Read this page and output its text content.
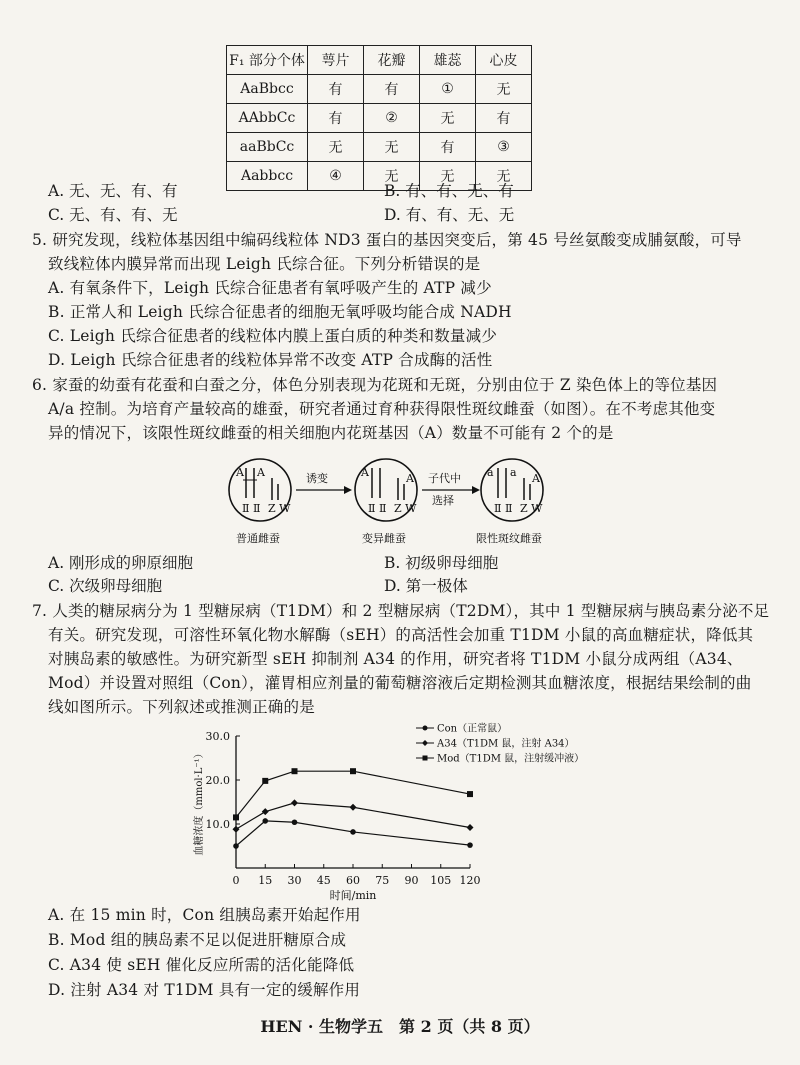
F₁ 部分个体	萼片	花瓣	雄蕊	心皮
AaBbcc	有	有	①	无
AAbbCc	有	②	无	有
aaBbCc	无	无	有	③
Aabbcc	④	无	无	无
A. 无、无、有、有	B. 有、有、无、有
C. 无、有、有、无	D. 有、有、无、无
5. 研究发现，线粒体基因组中编码线粒体 ND3 蛋白的基因突变后，第 45 号丝氨酸变成脯氨酸，可导
致线粒体内膜异常而出现 Leigh 氏综合征。下列分析错误的是
A. 有氧条件下，Leigh 氏综合征患者有氧呼吸产生的 ATP 减少
B. 正常人和 Leigh 氏综合征患者的细胞无氧呼吸均能合成 NADH
C. Leigh 氏综合征患者的线粒体内膜上蛋白质的种类和数量减少
D. Leigh 氏综合征患者的线粒体异常不改变 ATP 合成酶的活性
6. 家蚕的幼蚕有花蚕和白蚕之分，体色分别表现为花斑和无斑，分别由位于 Z 染色体上的等位基因
A/a 控制。为培育产量较高的雄蚕，研究者通过育种获得限性斑纹雌蚕（如图）。在不考虑其他变
异的情况下，该限性斑纹雌蚕的相关细胞内花斑基因（A）数量不可能有 2 个的是
A A
Ⅱ Ⅱ Z W
诱变	A
Ⅱ Ⅱ Z W
A 子代中
选择
a a
Ⅱ Ⅱ Z W
A
普通雌蚕	变异雌蚕	限性斑纹雌蚕
A. 刚形成的卵原细胞	B. 初级卵母细胞
C. 次级卵母细胞	D. 第一极体
7. 人类的糖尿病分为 1 型糖尿病（T1DM）和 2 型糖尿病（T2DM），其中 1 型糖尿病与胰岛素分泌不足
有关。研究发现，可溶性环氧化物水解酶（sEH）的高活性会加重 T1DM 小鼠的高血糖症状，降低其
对胰岛素的敏感性。为研究新型 sEH 抑制剂 A34 的作用，研究者将 T1DM 小鼠分成两组（A34、
Mod）并设置对照组（Con），灌胃相应剂量的葡萄糖溶液后定期检测其血糖浓度，根据结果绘制的曲
线如图所示。下列叙述或推测正确的是
0 15 30 45 60 75 90 105 120
10.0
20.0
30.0
时间/min
血糖浓度（mmol·L⁻¹）
Con（正常鼠）
A34（T1DM 鼠，注射 A34）
Mod（T1DM 鼠，注射缓冲液）
A. 在 15 min 时，Con 组胰岛素开始起作用
B. Mod 组的胰岛素不足以促进肝糖原合成
C. A34 使 sEH 催化反应所需的活化能降低
D. 注射 A34 对 T1DM 具有一定的缓解作用
HEN · 生物学五　第 2 页（共 8 页）
